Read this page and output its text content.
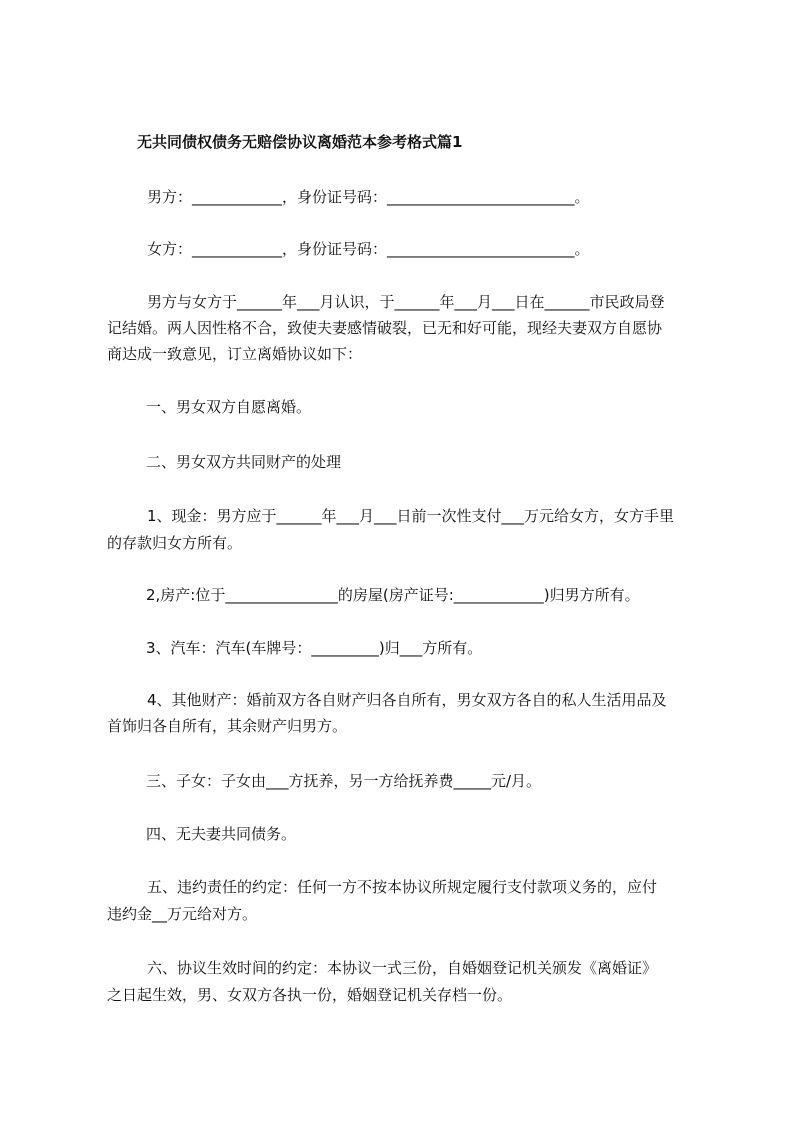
无共同债权债务无赔偿协议离婚范本参考格式篇1
男方：____________，身份证号码：_________________________。
女方：____________，身份证号码：_________________________。
男方与女方于______年___月认识，于______年___月___日在______市民政局登
记结婚。两人因性格不合，致使夫妻感情破裂，已无和好可能，现经夫妻双方自愿协
商达成一致意见，订立离婚协议如下：
一、男女双方自愿离婚。
二、男女双方共同财产的处理
1、现金：男方应于______年___月___日前一次性支付___万元给女方，女方手里
的存款归女方所有。
2,房产:位于_______________的房屋(房产证号:____________)归男方所有。
3、汽车：汽车(车牌号：_________)归___方所有。
4、其他财产：婚前双方各自财产归各自所有，男女双方各自的私人生活用品及
首饰归各自所有，其余财产归男方。
三、子女：子女由___方抚养，另一方给抚养费_____元/月。
四、无夫妻共同债务。
五、违约责任的约定：任何一方不按本协议所规定履行支付款项义务的，应付
违约金__万元给对方。
六、协议生效时间的约定：本协议一式三份，自婚姻登记机关颁发《离婚证》
之日起生效，男、女双方各执一份，婚姻登记机关存档一份。
